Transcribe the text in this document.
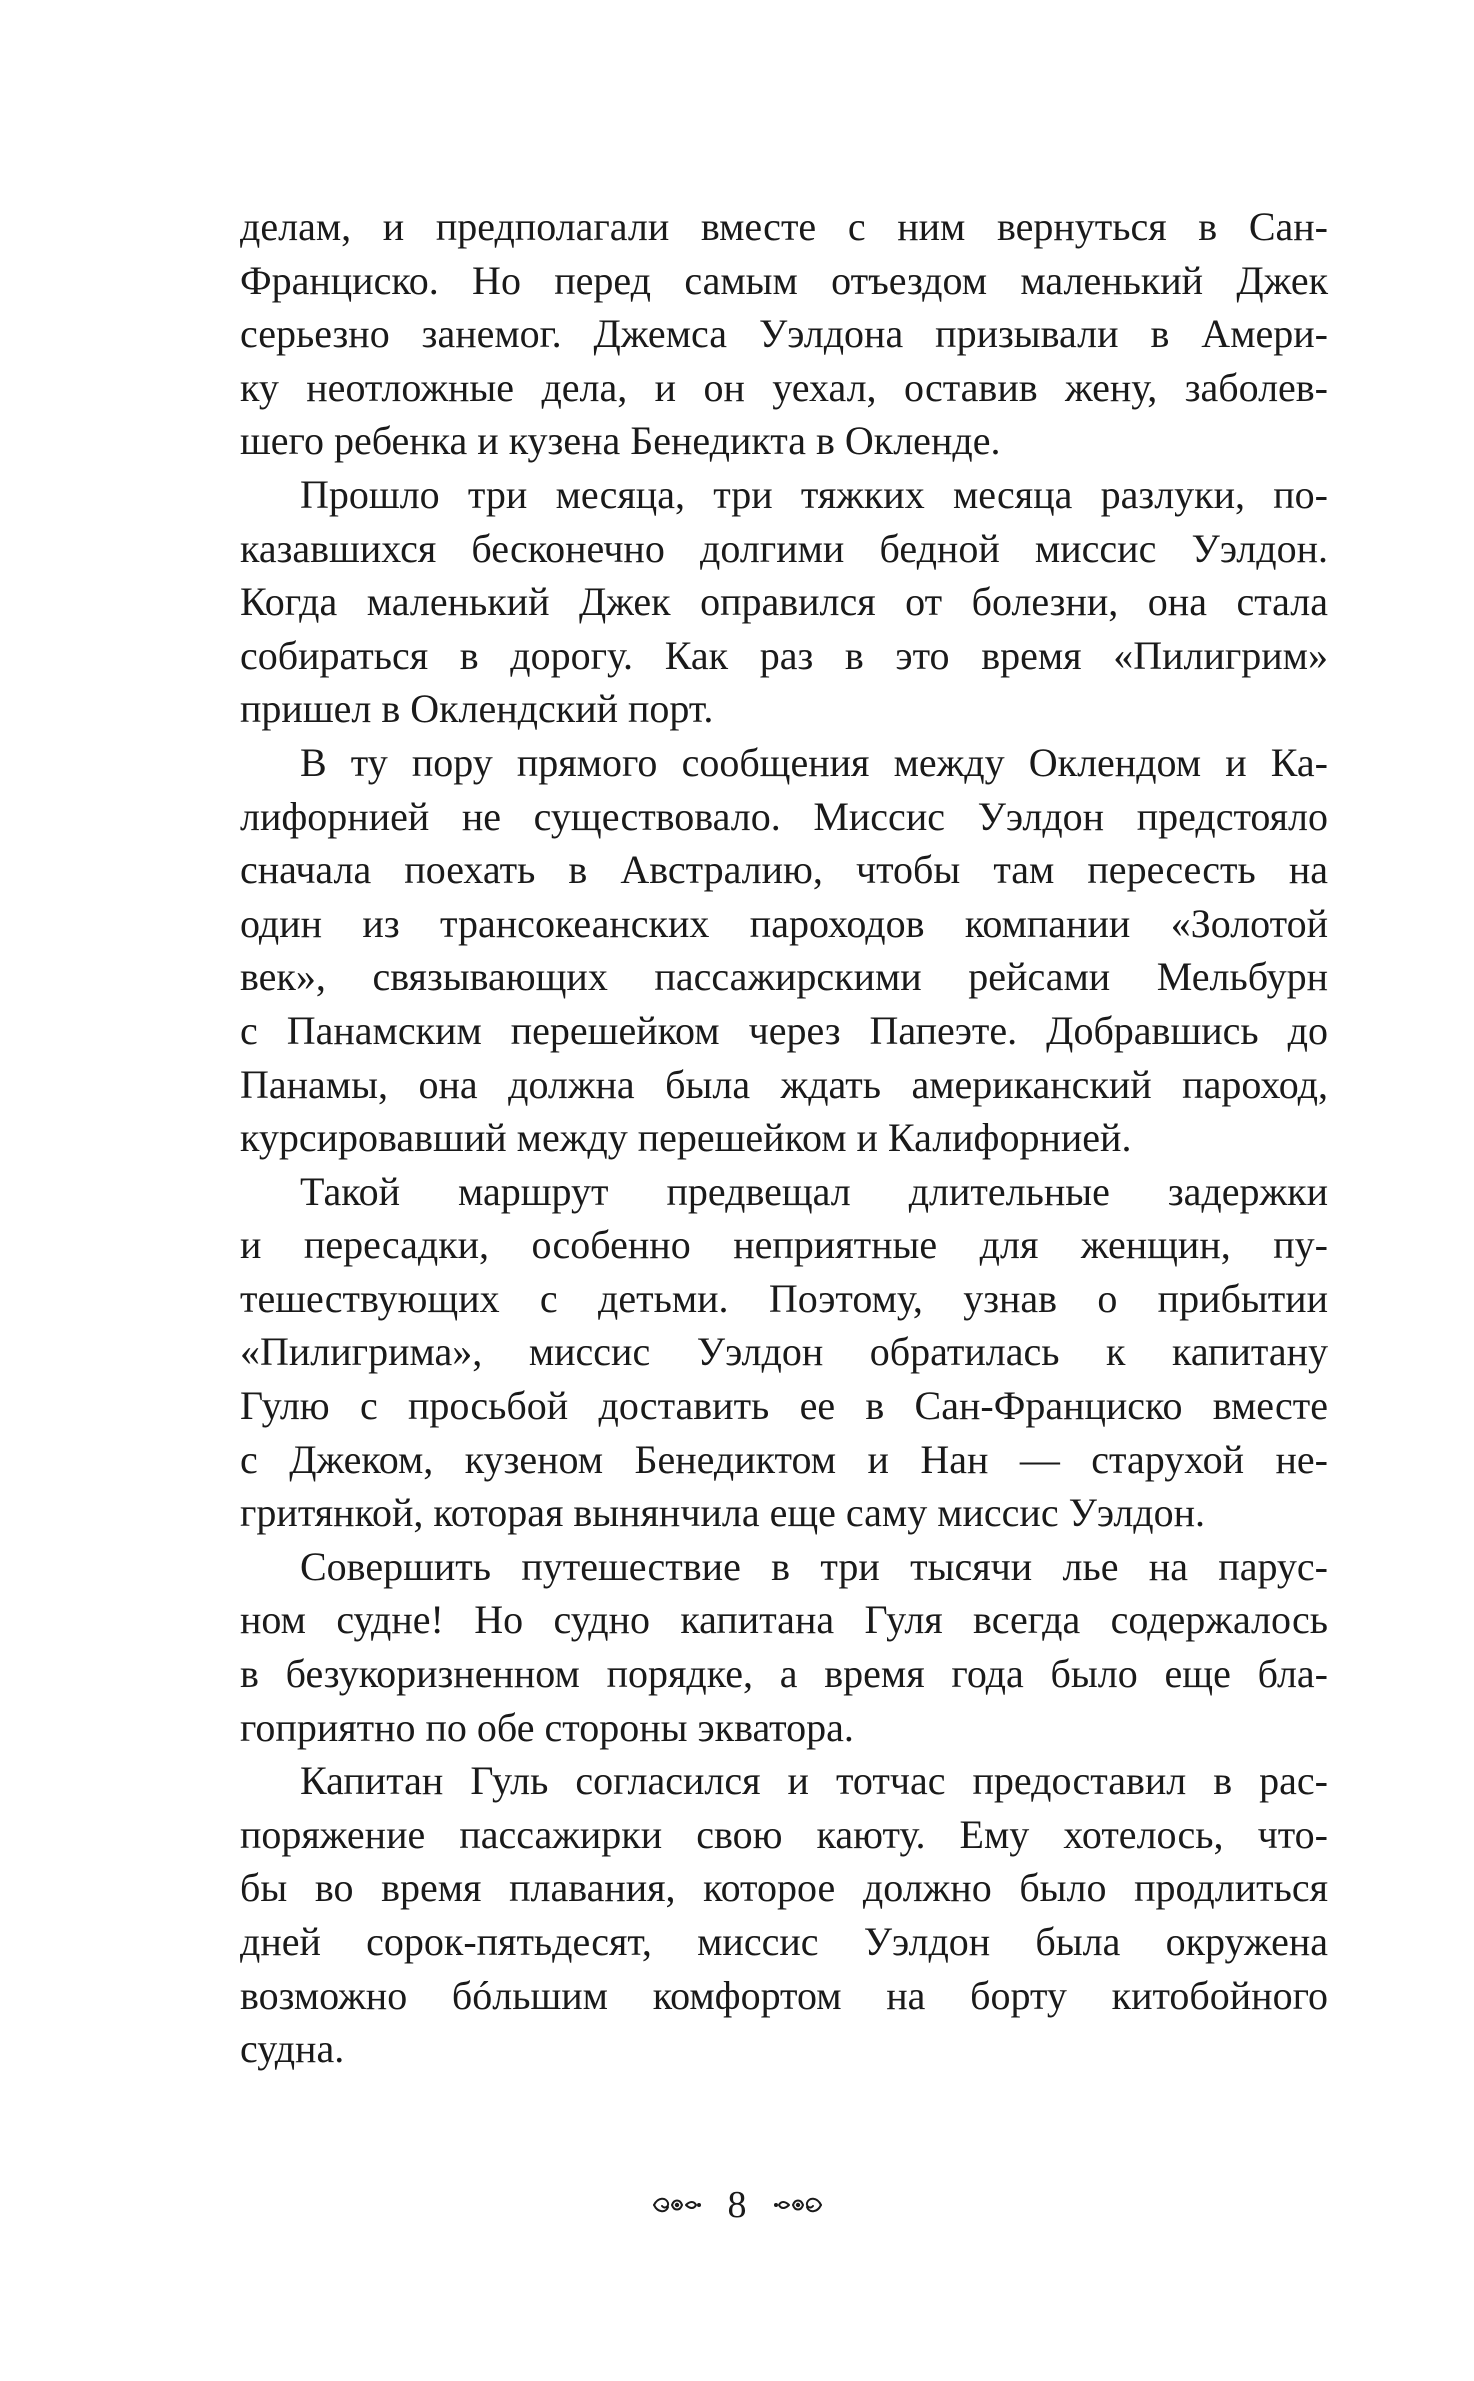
делам, и предполагали вместе с ним вернуться в Сан-
Франциско. Но перед самым отъездом маленький Джек
серьезно занемог. Джемса Уэлдона призывали в Амери-
ку неотложные дела, и он уехал, оставив жену, заболев-
шего ребенка и кузена Бенедикта в Окленде.
Прошло три месяца, три тяжких месяца разлуки, по-
казавшихся бесконечно долгими бедной миссис Уэлдон.
Когда маленький Джек оправился от болезни, она стала
собираться в дорогу. Как раз в это время «Пилигрим»
пришел в Оклендский порт.
В ту пору прямого сообщения между Оклендом и Ка-
лифорнией не существовало. Миссис Уэлдон предстояло
сначала поехать в Австралию, чтобы там пересесть на
один из трансокеанских пароходов компании «Золотой
век», связывающих пассажирскими рейсами Мельбурн
с Панамским перешейком через Папеэте. Добравшись до
Панамы, она должна была ждать американский пароход,
курсировавший между перешейком и Калифорнией.
Такой маршрут предвещал длительные задержки
и пересадки, особенно неприятные для женщин, пу-
тешествующих с детьми. Поэтому, узнав о прибытии
«Пилигрима», миссис Уэлдон обратилась к капитану
Гулю с просьбой доставить ее в Сан-Франциско вместе
с Джеком, кузеном Бенедиктом и Нан — старухой не-
гритянкой, которая вынянчила еще саму миссис Уэлдон.
Совершить путешествие в три тысячи лье на парус-
ном судне! Но судно капитана Гуля всегда содержалось
в безукоризненном порядке, а время года было еще бла-
гоприятно по обе стороны экватора.
Капитан Гуль согласился и тотчас предоставил в рас-
поряжение пассажирки свою каюту. Ему хотелось, что-
бы во время плавания, которое должно было продлиться
дней сорок-пятьдесят, миссис Уэлдон была окружена
возможно бóльшим комфортом на борту китобойного
судна.
8
